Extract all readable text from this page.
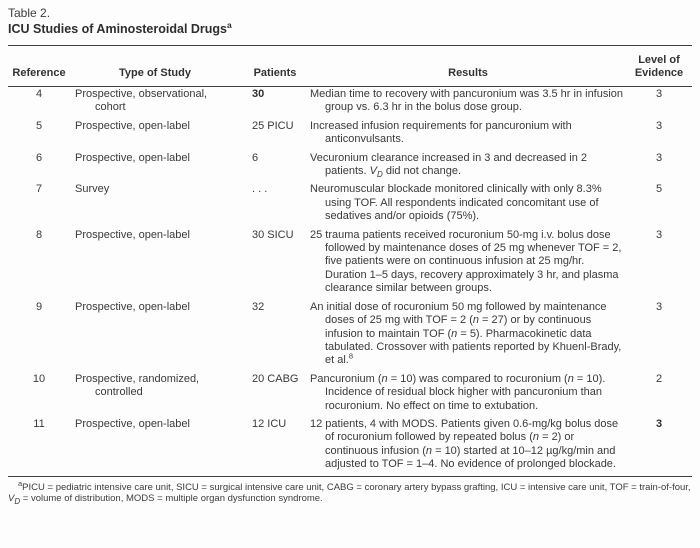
Table 2.
ICU Studies of Aminosteroidal Drugs$^a$
Reference	Type of Study	Patients	Results	Level of Evidence
4	Prospective, observational, cohort	30	Median time to recovery with pancuronium was 3.5 hr in infusion group vs. 6.3 hr in the bolus dose group.	3
5	Prospective, open-label	25 PICU	Increased infusion requirements for pancuronium with anticonvulsants.	3
6	Prospective, open-label	6	Vecuronium clearance increased in 3 and decreased in 2 patients. $V_D$ did not change.	3
7	Survey	. . .	Neuromuscular blockade monitored clinically with only 8.3% using TOF. All respondents indicated concomitant use of sedatives and/or opioids (75%).	5
8	Prospective, open-label	30 SICU	25 trauma patients received rocuronium 50-mg i.v. bolus dose followed by maintenance doses of 25 mg whenever TOF = 2, five patients were on continuous infusion at 25 mg/hr. Duration 1–5 days, recovery approximately 3 hr, and plasma clearance similar between groups.	3
9	Prospective, open-label	32	An initial dose of rocuronium 50 mg followed by maintenance doses of 25 mg with TOF = 2 (n = 27) or by continuous infusion to maintain TOF (n = 5). Pharmacokinetic data tabulated. Crossover with patients reported by Khuenl-Brady, et al.$^8$	3
10	Prospective, randomized, controlled	20 CABG	Pancuronium (n = 10) was compared to rocuronium (n = 10). Incidence of residual block higher with pancuronium than rocuronium. No effect on time to extubation.	2
11	Prospective, open-label	12 ICU	12 patients, 4 with MODS. Patients given 0.6-mg/kg bolus dose of rocuronium followed by repeated bolus (n = 2) or continuous infusion (n = 10) started at 10–12 µg/kg/min and adjusted to TOF = 1–4. No evidence of prolonged blockade.	3
$^a$PICU = pediatric intensive care unit, SICU = surgical intensive care unit, CABG = coronary artery bypass grafting, ICU = intensive care unit, TOF = train-of-four, $V_D$ = volume of distribution, MODS = multiple organ dysfunction syndrome.
